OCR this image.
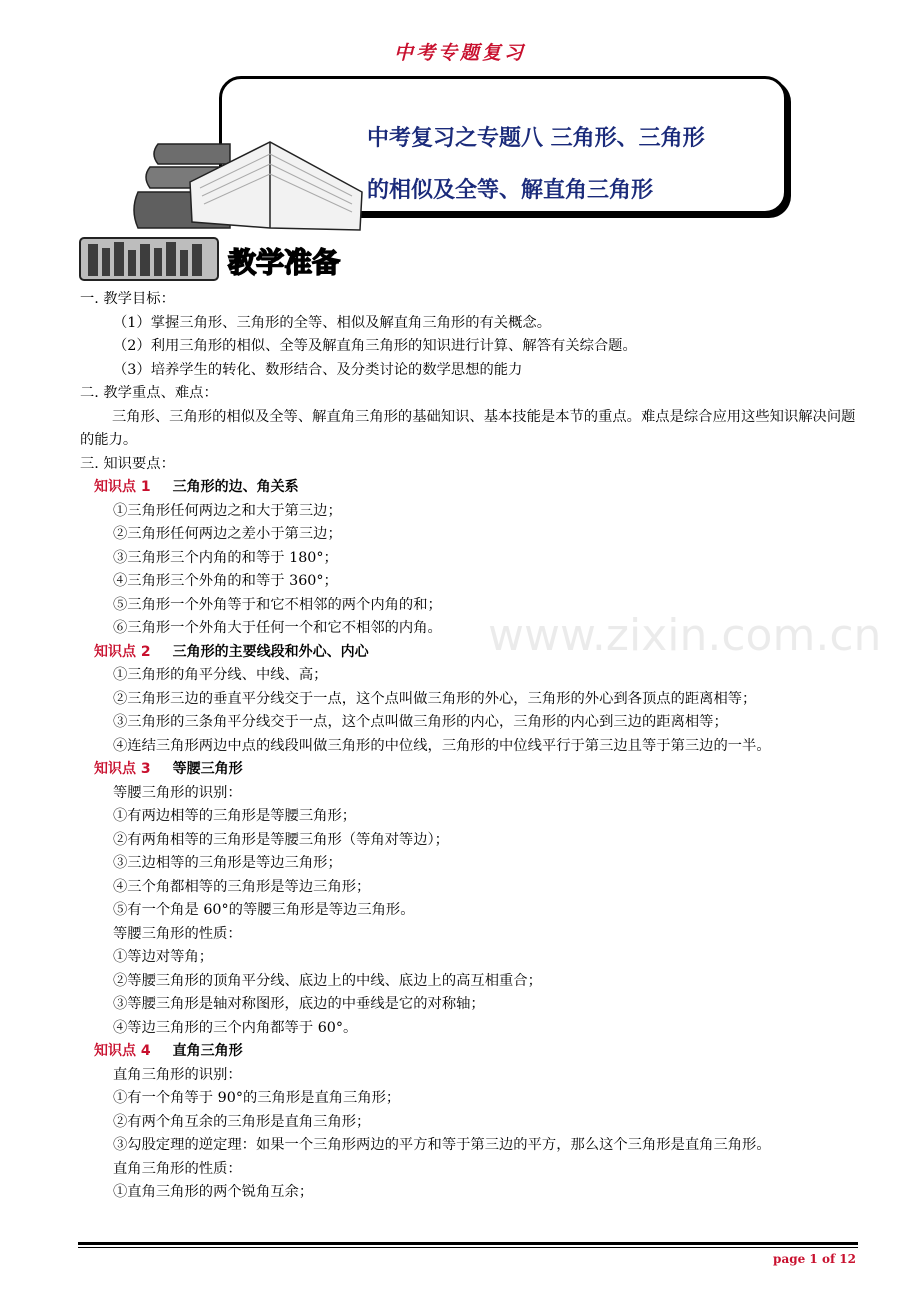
中考专题复习
中考复习之专题八 三角形、三角形
的相似及全等、解直角三角形
教学准备
www.zixin.com.cn
一. 教学目标：
（1）掌握三角形、三角形的全等、相似及解直角三角形的有关概念。
（2）利用三角形的相似、全等及解直角三角形的知识进行计算、解答有关综合题。
（3）培养学生的转化、数形结合、及分类讨论的数学思想的能力
二. 教学重点、难点：
三角形、三角形的相似及全等、解直角三角形的基础知识、基本技能是本节的重点。难点是综合应用这些知识解决问题的能力。
三. 知识要点：
知识点 1 三角形的边、角关系
①三角形任何两边之和大于第三边；
②三角形任何两边之差小于第三边；
③三角形三个内角的和等于 180°；
④三角形三个外角的和等于 360°；
⑤三角形一个外角等于和它不相邻的两个内角的和；
⑥三角形一个外角大于任何一个和它不相邻的内角。
知识点 2 三角形的主要线段和外心、内心
①三角形的角平分线、中线、高；
②三角形三边的垂直平分线交于一点，这个点叫做三角形的外心，三角形的外心到各顶点的距离相等；
③三角形的三条角平分线交于一点，这个点叫做三角形的内心，三角形的内心到三边的距离相等；
④连结三角形两边中点的线段叫做三角形的中位线，三角形的中位线平行于第三边且等于第三边的一半。
知识点 3 等腰三角形
等腰三角形的识别：
①有两边相等的三角形是等腰三角形；
②有两角相等的三角形是等腰三角形（等角对等边）；
③三边相等的三角形是等边三角形；
④三个角都相等的三角形是等边三角形；
⑤有一个角是 60°的等腰三角形是等边三角形。
等腰三角形的性质：
①等边对等角；
②等腰三角形的顶角平分线、底边上的中线、底边上的高互相重合；
③等腰三角形是轴对称图形，底边的中垂线是它的对称轴；
④等边三角形的三个内角都等于 60°。
知识点 4 直角三角形
直角三角形的识别：
①有一个角等于 90°的三角形是直角三角形；
②有两个角互余的三角形是直角三角形；
③勾股定理的逆定理：如果一个三角形两边的平方和等于第三边的平方，那么这个三角形是直角三角形。
直角三角形的性质：
①直角三角形的两个锐角互余；
page 1 of 12
